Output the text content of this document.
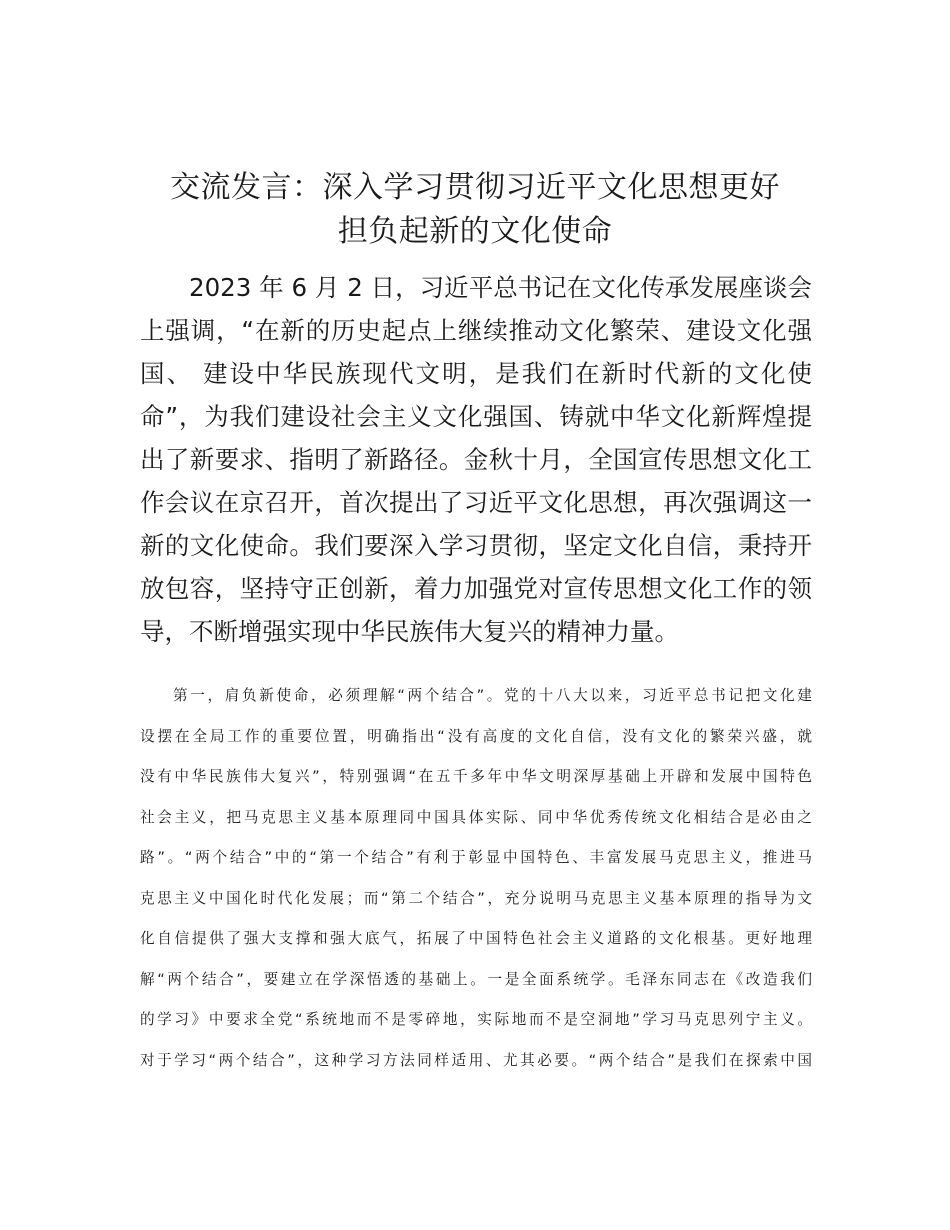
交流发言：深入学习贯彻习近平文化思想更好
担负起新的文化使命

2023 年 6 月 2 日，习近平总书记在文化传承发展座谈会
上强调，“在新的历史起点上继续推动文化繁荣、建设文化强
国、 建设中华民族现代文明，是我们在新时代新的文化使
命”，为我们建设社会主义文化强国、铸就中华文化新辉煌提
出了新要求、指明了新路径。金秋十月，全国宣传思想文化工
作会议在京召开，首次提出了习近平文化思想，再次强调这一
新的文化使命。我们要深入学习贯彻，坚定文化自信，秉持开
放包容，坚持守正创新，着力加强党对宣传思想文化工作的领
导，不断增强实现中华民族伟大复兴的精神力量。

第一，肩负新使命，必须理解“两个结合”。党的十八大以来，习近平总书记把文化建
设摆在全局工作的重要位置，明确指出“没有高度的文化自信，没有文化的繁荣兴盛，就
没有中华民族伟大复兴”，特别强调“在五千多年中华文明深厚基础上开辟和发展中国特色
社会主义，把马克思主义基本原理同中国具体实际、同中华优秀传统文化相结合是必由之
路”。“两个结合”中的“第一个结合”有利于彰显中国特色、丰富发展马克思主义，推进马
克思主义中国化时代化发展；而“第二个结合”，充分说明马克思主义基本原理的指导为文
化自信提供了强大支撑和强大底气，拓展了中国特色社会主义道路的文化根基。更好地理
解“两个结合”，要建立在学深悟透的基础上。一是全面系统学。毛泽东同志在《改造我们
的学习》中要求全党“系统地而不是零碎地，实际地而不是空洞地”学习马克思列宁主义。
对于学习“两个结合”，这种学习方法同样适用、尤其必要。“两个结合”是我们在探索中国
